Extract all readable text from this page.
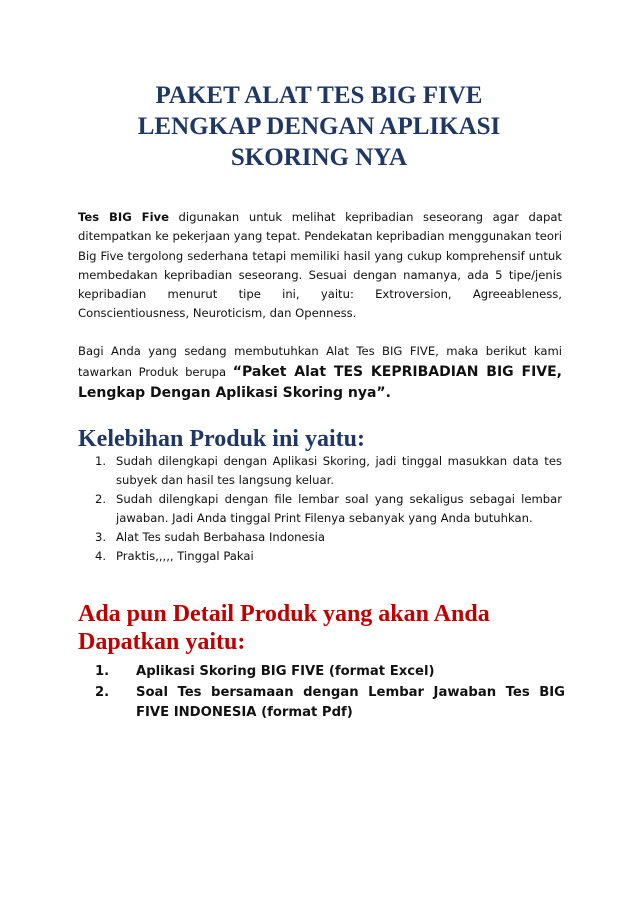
PAKET ALAT TES BIG FIVE
LENGKAP DENGAN APLIKASI
SKORING NYA

Tes BIG Five digunakan untuk melihat kepribadian seseorang agar dapat ditempatkan ke pekerjaan yang tepat. Pendekatan kepribadian menggunakan teori Big Five tergolong sederhana tetapi memiliki hasil yang cukup komprehensif untuk membedakan kepribadian seseorang. Sesuai dengan namanya, ada 5 tipe/jenis kepribadian menurut tipe ini, yaitu: Extroversion, Agreeableness, Conscientiousness, Neuroticism, dan Openness.

Bagi Anda yang sedang membutuhkan Alat Tes BIG FIVE, maka berikut kami tawarkan Produk berupa “Paket Alat TES KEPRIBADIAN BIG FIVE, Lengkap Dengan Aplikasi Skoring nya”.

Kelebihan Produk ini yaitu:
1. Sudah dilengkapi dengan Aplikasi Skoring, jadi tinggal masukkan data tes subyek dan hasil tes langsung keluar.
2. Sudah dilengkapi dengan file lembar soal yang sekaligus sebagai lembar jawaban. Jadi Anda tinggal Print Filenya sebanyak yang Anda butuhkan.
3. Alat Tes sudah Berbahasa Indonesia
4. Praktis,,,,, Tinggal Pakai
Ada pun Detail Produk yang akan Anda
Dapatkan yaitu:
1. Aplikasi Skoring BIG FIVE (format Excel)
2. Soal Tes bersamaan dengan Lembar Jawaban Tes BIG FIVE INDONESIA (format Pdf)
